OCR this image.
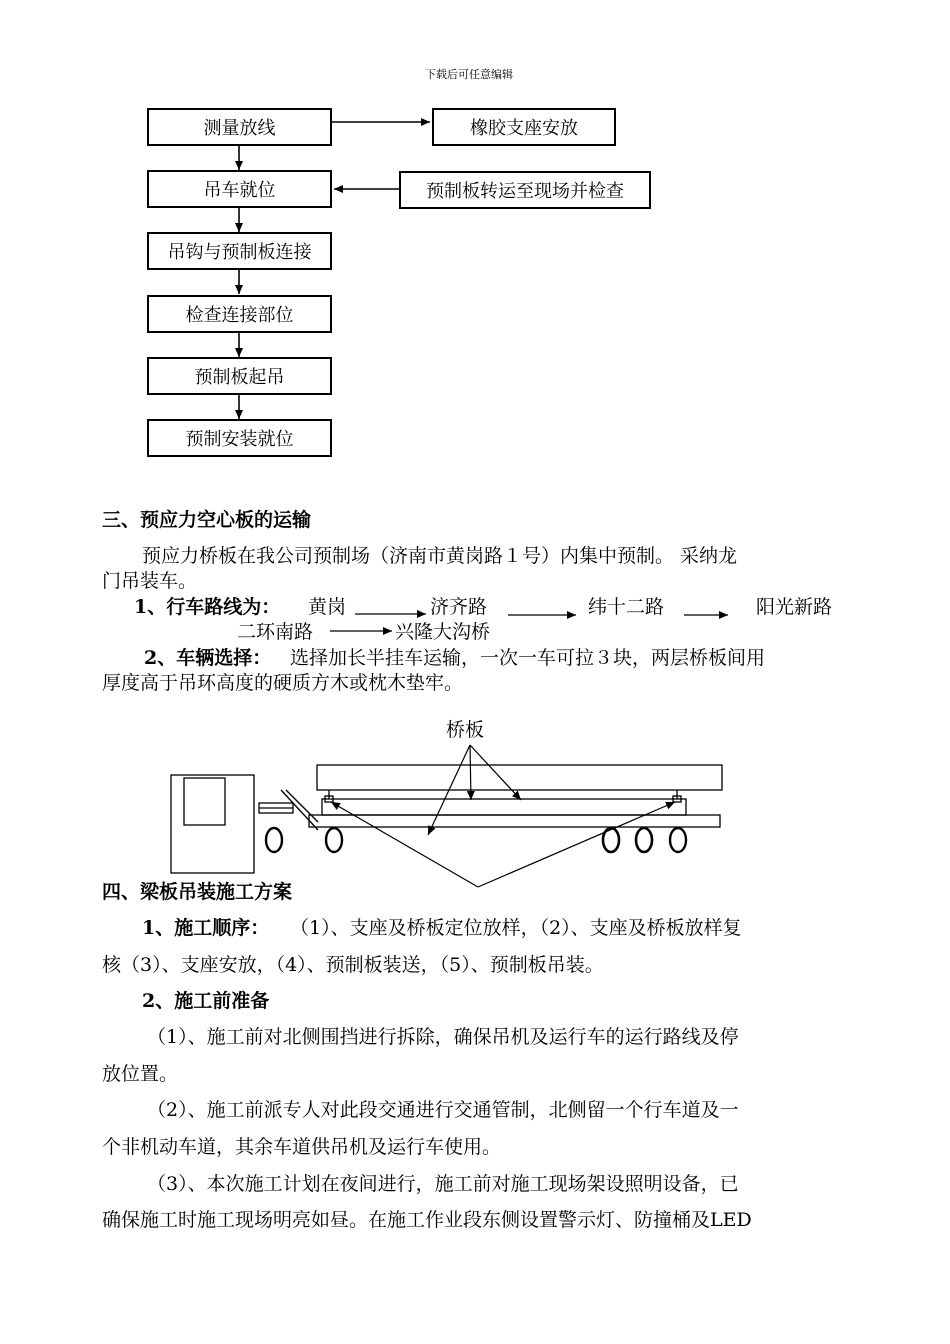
下载后可任意编辑
测量放线	橡胶支座安放
吊车就位	预制板转运至现场并检查
吊钩与预制板连接
检查连接部位
预制板起吊
预制安装就位
三、预应力空心板的运输
预应力桥板在我公司预制场（济南市黄岗路１号）内集中预制。 采纳龙
门吊装车。
1、行车路线为： 黄岗	济齐路	纬十二路	阳光新路
二环南路	兴隆大沟桥
2、车辆选择： 选择加长半挂车运输，一次一车可拉３块，两层桥板间用
厚度高于吊环高度的硬质方木或枕木垫牢。
桥板
四、梁板吊装施工方案
1、施工顺序： （1）、支座及桥板定位放样，（2）、支座及桥板放样复
核（3）、支座安放，（4）、预制板装送，（5）、预制板吊装。
2、施工前准备
（1）、施工前对北侧围挡进行拆除，确保吊机及运行车的运行路线及停
放位置。
（2）、施工前派专人对此段交通进行交通管制，北侧留一个行车道及一
个非机动车道，其余车道供吊机及运行车使用。
（3）、本次施工计划在夜间进行，施工前对施工现场架设照明设备，已
确保施工时施工现场明亮如昼。在施工作业段东侧设置警示灯、防撞桶及LED
